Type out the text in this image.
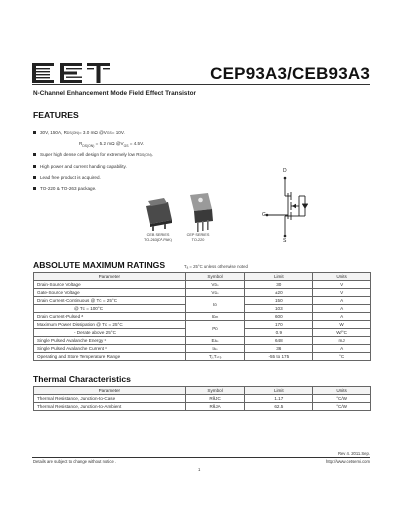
CEP93A3/CEB93A3
N-Channel Enhancement Mode Field Effect Transistor
FEATURES
30V, 150A, R DS(ON) = 3.0 mΩ @V GS = 10V.
$R_{DS(ON)} = 5.2$ mΩ $@V_{GS} = 4.5V$.
Super high dense cell design for extremely low R DS(ON) .
High power and current handing capability.
Lead free product is acquired.
TO-220 & TO-263 package.
CEB SERIES
TO-263(D²-PAK)
CEP SERIES
TO-220
D
G
S
ABSOLUTE MAXIMUM RATINGS	Tₐ = 25°C unless otherwise noted
Parameter	Symbol	Limit	Units
Drain-Source Voltage	Vᴅₛ	30	V
Gate-Source Voltage	Vɢₛ	±20	V
Drain Current-Continuous @ Tᴄ = 25°C	Iᴅ	150	A
@ Tᴄ = 100°C		103	A
Drain Current-Pulsed ᵃ	Iᴅₘ	600	A
Maximum Power Dissipation @ Tᴄ = 25°C	Pᴅ	170	W
- Derate above 25°C		0.9	W/°C
Single Pulsed Avalanche Energy ᶜ	Eᴀₛ	648	mJ
Single Pulsed Avalanche Current ᶜ	Iᴀₛ	36	A
Operating and Store Temperature Range	Tⱼ,Tₛₜₔ	-55 to 175	°C
Thermal Characteristics
Parameter	Symbol	Limit	Units
Thermal Resistance, Junction-to-Case	RθJC	1.17	°C/W
Thermal Resistance, Junction-to-Ambient	RθJA	62.5	°C/W
Rev 4. 2011.Sep.
Details are subject to change without notice .	http://www.cetsemi.com
1
